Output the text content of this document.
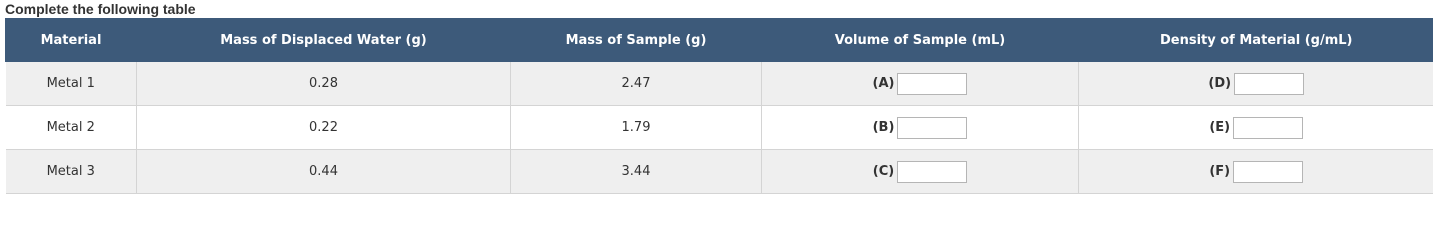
Complete the following table
Material	Mass of Displaced Water (g)	Mass of Sample (g)	Volume of Sample (mL)	Density of Material (g/mL)
Metal 1	0.28	2.47	(A)	(D)

Metal 2	0.22	1.79	(B)	(E)

Metal 3	0.44	3.44	(C)	(F)
